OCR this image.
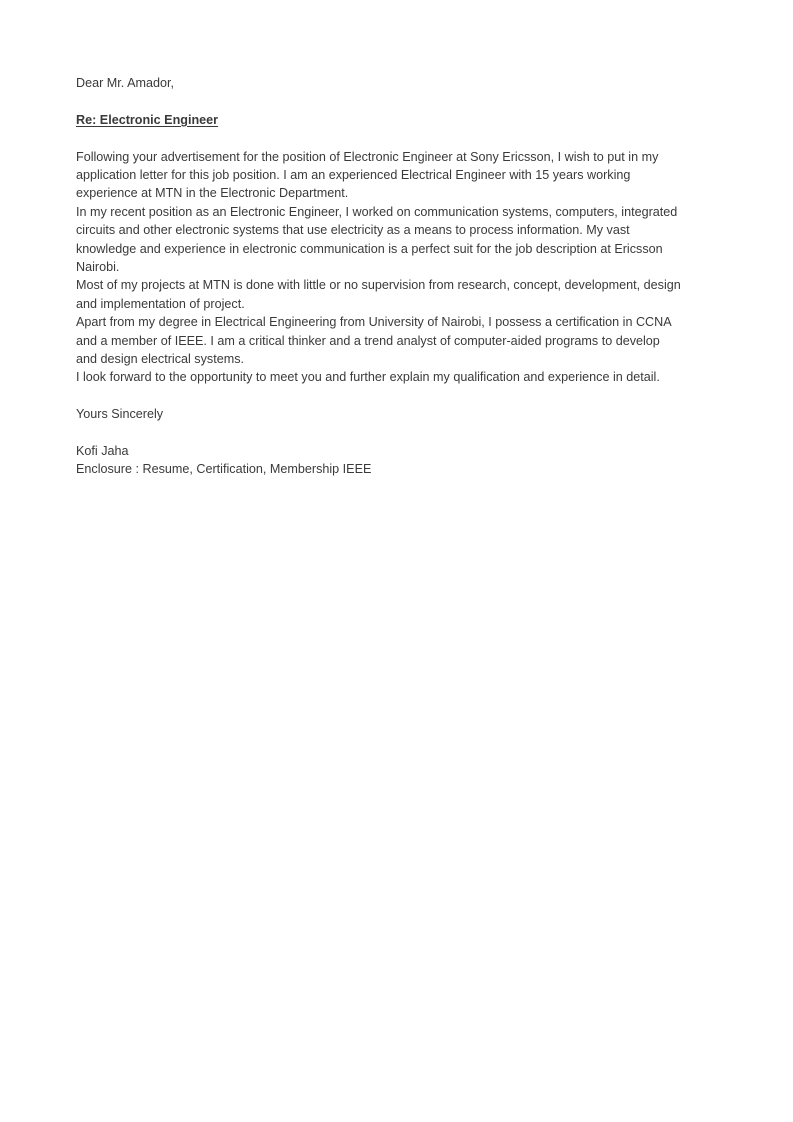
Dear Mr. Amador,
Re: Electronic Engineer
Following your advertisement for the position of Electronic Engineer at Sony Ericsson, I wish to put in my
application letter for this job position. I am an experienced Electrical Engineer with 15 years working
experience at MTN in the Electronic Department.
In my recent position as an Electronic Engineer, I worked on communication systems, computers, integrated
circuits and other electronic systems that use electricity as a means to process information. My vast
knowledge and experience in electronic communication is a perfect suit for the job description at Ericsson
Nairobi.
Most of my projects at MTN is done with little or no supervision from research, concept, development, design
and implementation of project.
Apart from my degree in Electrical Engineering from University of Nairobi, I possess a certification in CCNA
and a member of IEEE. I am a critical thinker and a trend analyst of computer-aided programs to develop
and design electrical systems.
I look forward to the opportunity to meet you and further explain my qualification and experience in detail.
Yours Sincerely
Kofi Jaha
Enclosure : Resume, Certification, Membership IEEE
